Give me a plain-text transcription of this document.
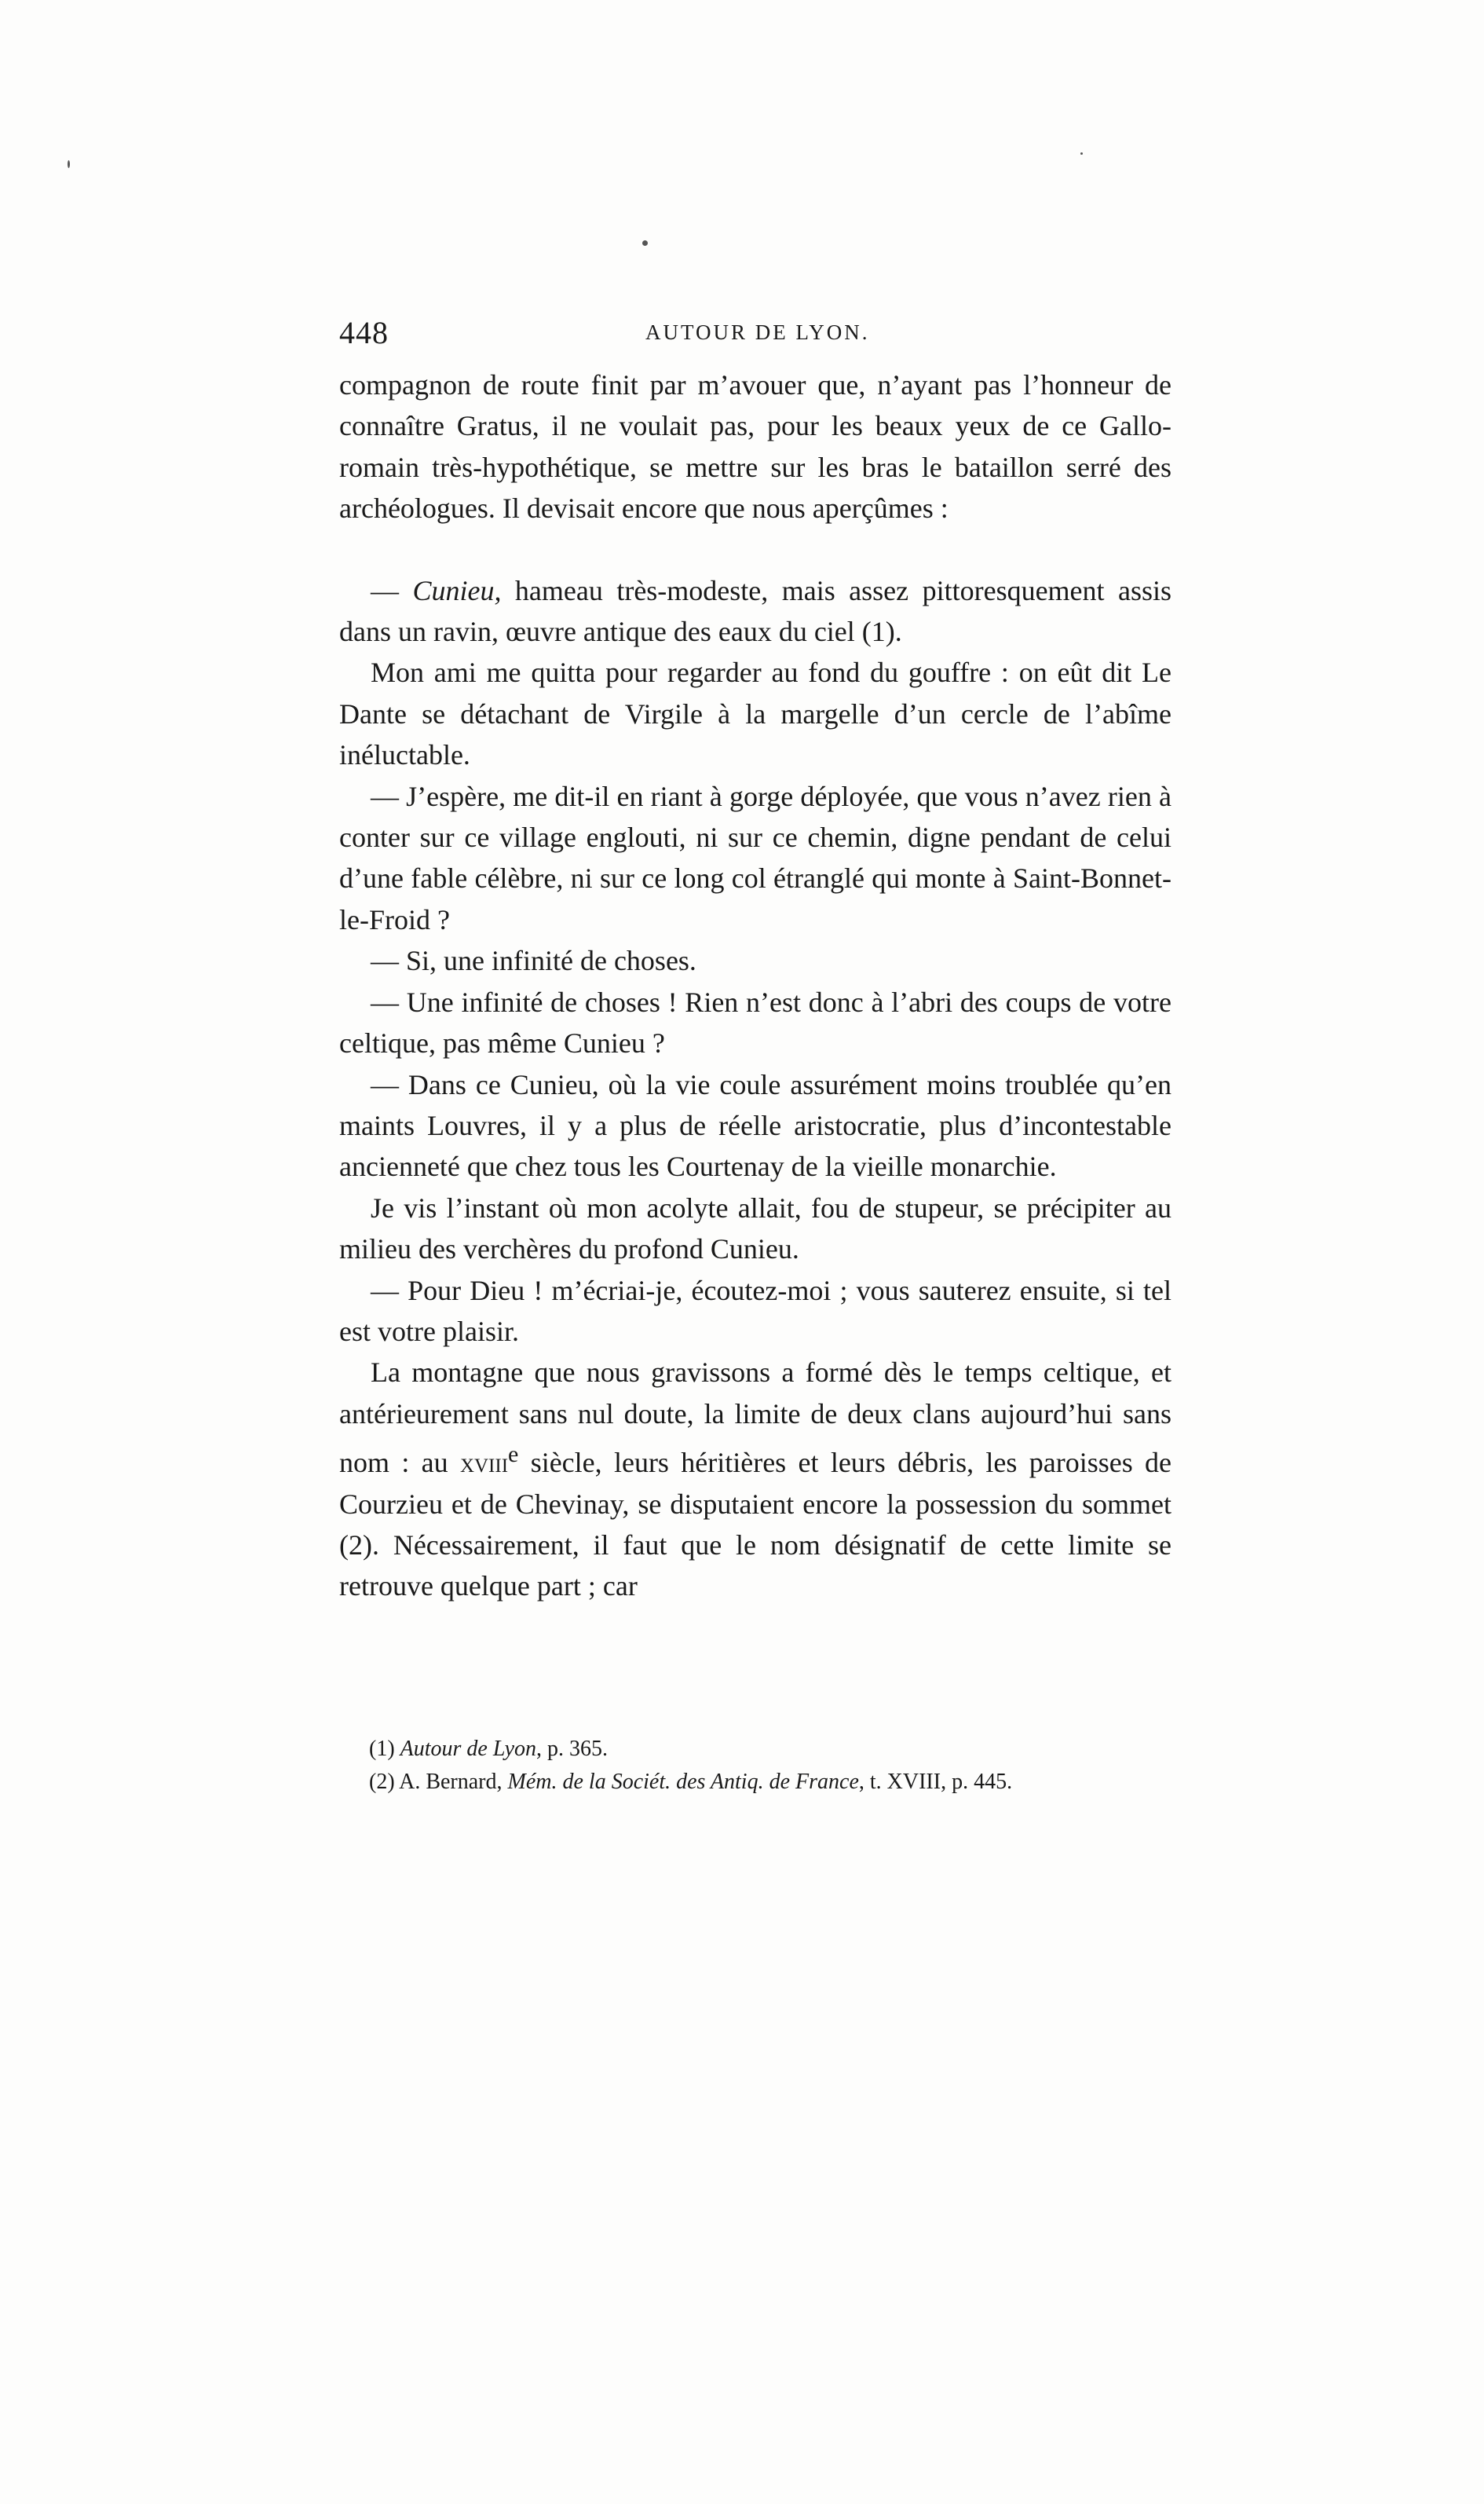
448	AUTOUR DE LYON.

compagnon de route finit par m’avouer que, n’ayant pas l’honneur de connaître Gratus, il ne voulait pas, pour les beaux yeux de ce Gallo-romain très-hypothétique, se mettre sur les bras le bataillon serré des archéologues. Il devisait encore que nous aperçûmes :

— Cunieu, hameau très-modeste, mais assez pittoresquement assis dans un ravin, œuvre antique des eaux du ciel (1).

Mon ami me quitta pour regarder au fond du gouffre : on eût dit Le Dante se détachant de Virgile à la margelle d’un cercle de l’abîme inéluctable.

— J’espère, me dit-il en riant à gorge déployée, que vous n’avez rien à conter sur ce village englouti, ni sur ce chemin, digne pendant de celui d’une fable célèbre, ni sur ce long col étranglé qui monte à Saint-Bonnet-le-Froid ?

— Si, une infinité de choses.

— Une infinité de choses ! Rien n’est donc à l’abri des coups de votre celtique, pas même Cunieu ?

— Dans ce Cunieu, où la vie coule assurément moins troublée qu’en maints Louvres, il y a plus de réelle aristocratie, plus d’incontestable ancienneté que chez tous les Courtenay de la vieille monarchie.

Je vis l’instant où mon acolyte allait, fou de stupeur, se précipiter au milieu des verchères du profond Cunieu.

— Pour Dieu ! m’écriai-je, écoutez-moi ; vous sauterez ensuite, si tel est votre plaisir.

La montagne que nous gravissons a formé dès le temps celtique, et antérieurement sans nul doute, la limite de deux clans aujourd’hui sans nom : au xviii$^e$ siècle, leurs héritières et leurs débris, les paroisses de Courzieu et de Chevinay, se disputaient encore la possession du sommet (2). Nécessairement, il faut que le nom désignatif de cette limite se retrouve quelque part ; car

(1) Autour de Lyon, p. 365.

(2) A. Bernard, Mém. de la Sociét. des Antiq. de France, t. XVIII, p. 445.
